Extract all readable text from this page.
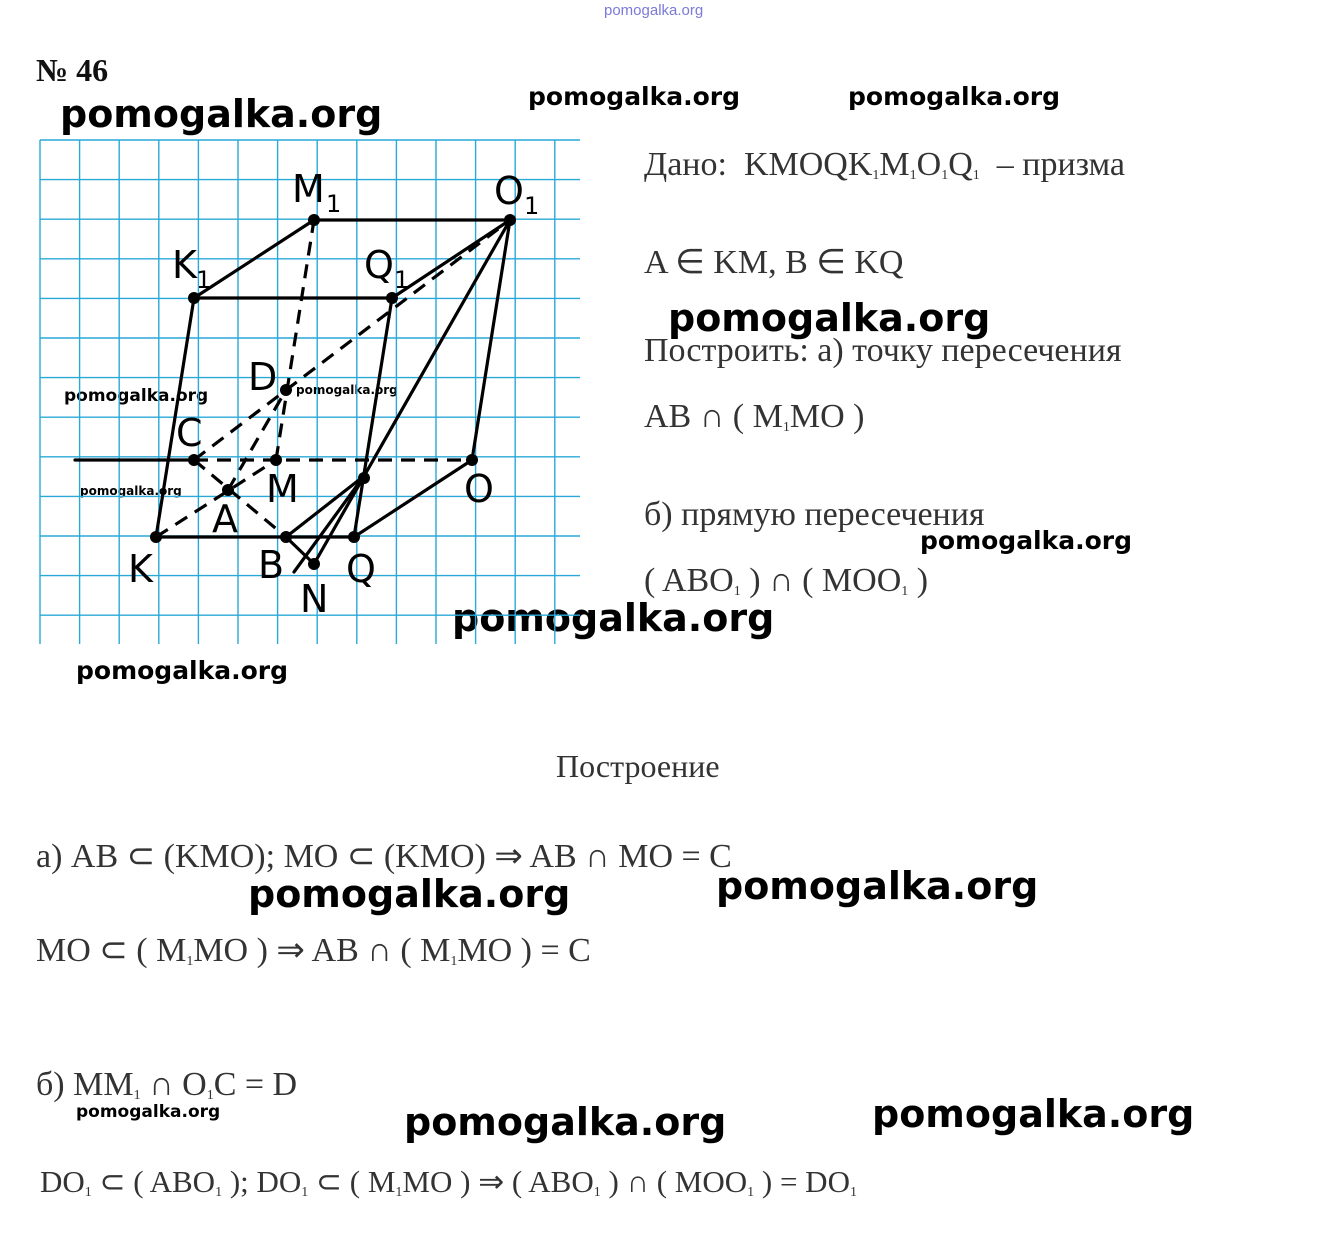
pomogalka.org
№ 46
pomogalka.org	pomogalka.org	pomogalka.org
pomogalka.org
pomogalka.org	pomogalka.org
pomogalka.org
pomogalka.org
pomogalka.org
pomogalka.org
pomogalka.org	pomogalka.org
pomogalka.org	pomogalka.org	pomogalka.org
M 1	O 1
K 1	Q 1
D
C
M	O
A
K	B Q
N
Дано: $KMOQK_1M_1O_1Q_1$ – призма
A ∈ KM, B ∈ KQ
Построить: а) точку пересечения
AB ∩ ( $M_1MO$ )
б) прямую пересечения
( $ABO_1$ ) ∩ ( $MOO_1$ )
Построение
а) AB ⊂ (KMO); MO ⊂ (KMO) ⇒ AB ∩ MO = C
MO ⊂ ( $M_1MO$ ) ⇒ AB ∩ ( $M_1MO$ ) = C
б) $MM_1$ ∩ $O_1C = D$
$DO_1$ ⊂ ( $ABO_1$ ); $DO_1$ ⊂ ( $M_1MO$ ) ⇒ ( $ABO_1$ ) ∩ ( $MOO_1$ ) = $DO_1$
